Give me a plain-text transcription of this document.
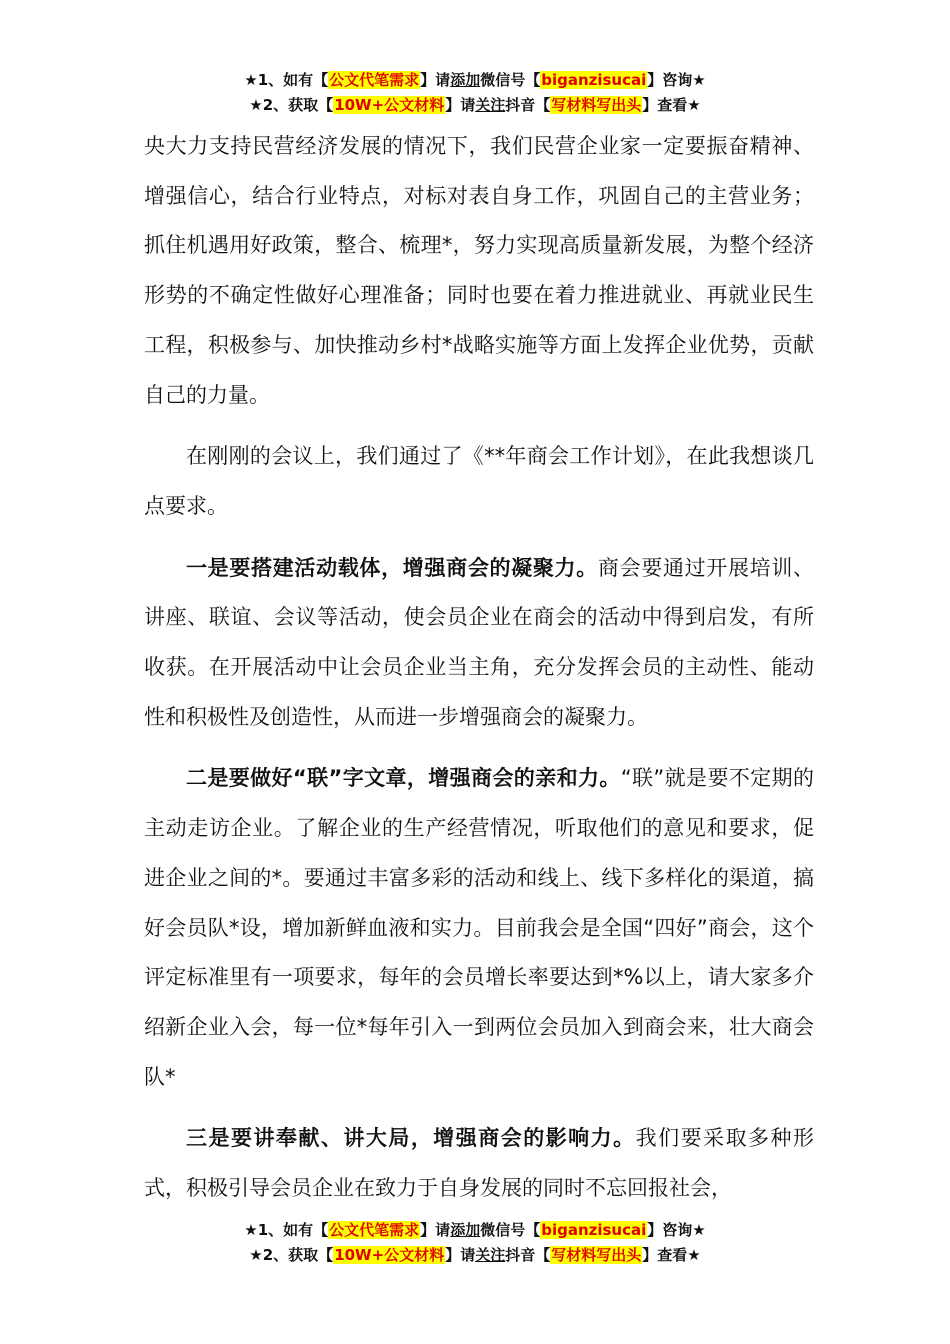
★1、如有【公文代笔需求】请添加微信号【biganzisucai】咨询★
★2、获取【10W+公文材料】请关注抖音【写材料写出头】查看★

央大力支持民营经济发展的情况下，我们民营企业家一定要振奋精神、增强信心，结合行业特点，对标对表自身工作，巩固自己的主营业务；抓住机遇用好政策，整合、梳理*，努力实现高质量新发展，为整个经济形势的不确定性做好心理准备；同时也要在着力推进就业、再就业民生工程，积极参与、加快推动乡村*战略实施等方面上发挥企业优势，贡献自己的力量。

在刚刚的会议上，我们通过了《**年商会工作计划》，在此我想谈几点要求。

一是要搭建活动载体，增强商会的凝聚力。商会要通过开展培训、讲座、联谊、会议等活动，使会员企业在商会的活动中得到启发，有所收获。在开展活动中让会员企业当主角，充分发挥会员的主动性、能动性和积极性及创造性，从而进一步增强商会的凝聚力。

二是要做好“联”字文章，增强商会的亲和力。“联”就是要不定期的主动走访企业。了解企业的生产经营情况，听取他们的意见和要求，促进企业之间的*。要通过丰富多彩的活动和线上、线下多样化的渠道，搞好会员队*设，增加新鲜血液和实力。目前我会是全国“四好”商会，这个评定标准里有一项要求，每年的会员增长率要达到*%以上，请大家多介绍新企业入会，每一位*每年引入一到两位会员加入到商会来，壮大商会队*

三是要讲奉献、讲大局，增强商会的影响力。我们要采取多种形式，积极引导会员企业在致力于自身发展的同时不忘回报社会，

★1、如有【公文代笔需求】请添加微信号【biganzisucai】咨询★
★2、获取【10W+公文材料】请关注抖音【写材料写出头】查看★
